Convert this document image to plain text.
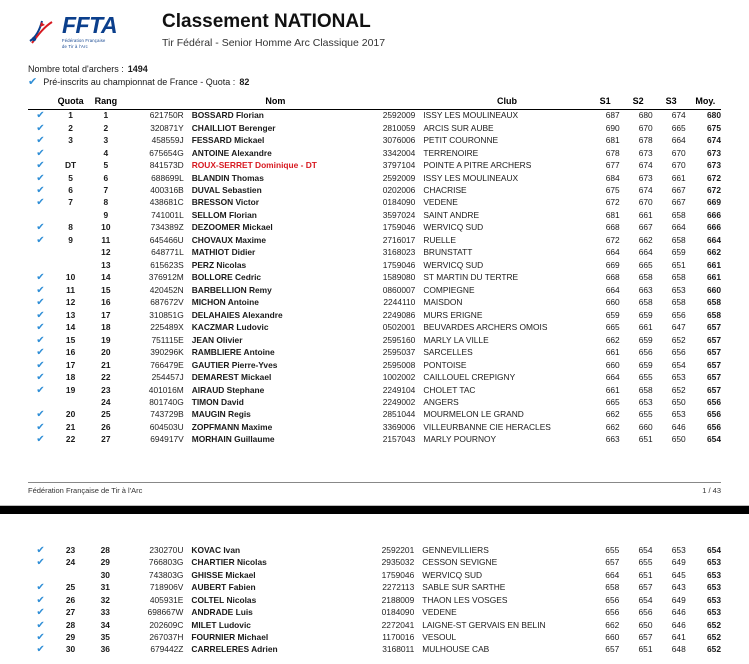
FFTA
Fédération Française
de Tir à l'Arc
Classement NATIONAL
Tir Fédéral - Senior Homme Arc Classique 2017
Nombre total d'archers : 1494
✔ Pré-inscrits au championnat de France - Quota : 82
	Quota	Rang		Nom		Club	S1	S2	S3	Moy.
✔	1	1	621750R	BOSSARD Florian	2592009	ISSY LES MOULINEAUX	687	680	674	680
✔	2	2	320871Y	CHAILLIOT Berenger	2810059	ARCIS SUR AUBE	690	670	665	675
✔	3	3	458559J	FESSARD Mickael	3076006	PETIT COURONNE	681	678	664	674
✔		4	675654G	ANTOINE Alexandre	3342004	TERRENOIRE	678	673	670	673
✔	DT	5	841573D	ROUX-SERRET Dominique - DT	3797104	POINTE A PITRE ARCHERS	677	674	670	673
✔	5	6	688699L	BLANDIN Thomas	2592009	ISSY LES MOULINEAUX	684	673	661	672
✔	6	7	400316B	DUVAL Sebastien	0202006	CHACRISE	675	674	667	672
✔	7	8	438681C	BRESSON Victor	0184090	VEDENE	672	670	667	669
		9	741001L	SELLOM Florian	3597024	SAINT ANDRE	681	661	658	666
✔	8	10	734389Z	DEZOOMER Mickael	1759046	WERVICQ SUD	668	667	664	666
✔	9	11	645466U	CHOVAUX Maxime	2716017	RUELLE	672	662	658	664
		12	648771L	MATHIOT Didier	3168023	BRUNSTATT	664	664	659	662
		13	615623S	PERZ Nicolas	1759046	WERVICQ SUD	669	665	651	661
✔	10	14	376912M	BOLLORE Cedric	1589080	ST MARTIN DU TERTRE	668	658	658	661
✔	11	15	420452N	BARBELLION Remy	0860007	COMPIEGNE	664	663	653	660
✔	12	16	687672V	MICHON Antoine	2244110	MAISDON	660	658	658	658
✔	13	17	310851G	DELAHAIES Alexandre	2249086	MURS ERIGNE	659	659	656	658
✔	14	18	225489X	KACZMAR Ludovic	0502001	BEUVARDES ARCHERS OMOIS	665	661	647	657
✔	15	19	751115E	JEAN Olivier	2595160	MARLY LA VILLE	662	659	652	657
✔	16	20	390296K	RAMBLIERE Antoine	2595037	SARCELLES	661	656	656	657
✔	17	21	766479E	GAUTIER Pierre-Yves	2595008	PONTOISE	660	659	654	657
✔	18	22	254457J	DEMAREST Mickael	1002002	CAILLOUEL CREPIGNY	664	655	653	657
✔	19	23	401016M	AIRAUD Stephane	2249104	CHOLET TAC	661	658	652	657
		24	801740G	TIMON David	2249002	ANGERS	665	653	650	656
✔	20	25	743729B	MAUGIN Regis	2851044	MOURMELON LE GRAND	662	655	653	656
✔	21	26	604503U	ZOPFMANN Maxime	3369006	VILLEURBANNE CIE HERACLES	662	660	646	656
✔	22	27	694917V	MORHAIN Guillaume	2157043	MARLY POURNOY	663	651	650	654
Fédération Française de Tir à l'Arc	1 / 43
✔	23	28	230270U	KOVAC Ivan	2592201	GENNEVILLIERS	655	654	653	654
✔	24	29	766803G	CHARTIER Nicolas	2935032	CESSON SEVIGNE	657	655	649	653
		30	743803G	GHISSE Mickael	1759046	WERVICQ SUD	664	651	645	653
✔	25	31	718906V	AUBERT Fabien	2272113	SABLE SUR SARTHE	658	657	643	653
✔	26	32	405931E	COLTEL Nicolas	2188009	THAON LES VOSGES	656	654	649	653
✔	27	33	698667W	ANDRADE Luis	0184090	VEDENE	656	656	646	653
✔	28	34	202609C	MILET Ludovic	2272041	LAIGNE-ST GERVAIS EN BELIN	662	650	646	652
✔	29	35	267037H	FOURNIER Michael	1170016	VESOUL	660	657	641	652
✔	30	36	679442Z	CARRELERES Adrien	3168011	MULHOUSE CAB	657	651	648	652
